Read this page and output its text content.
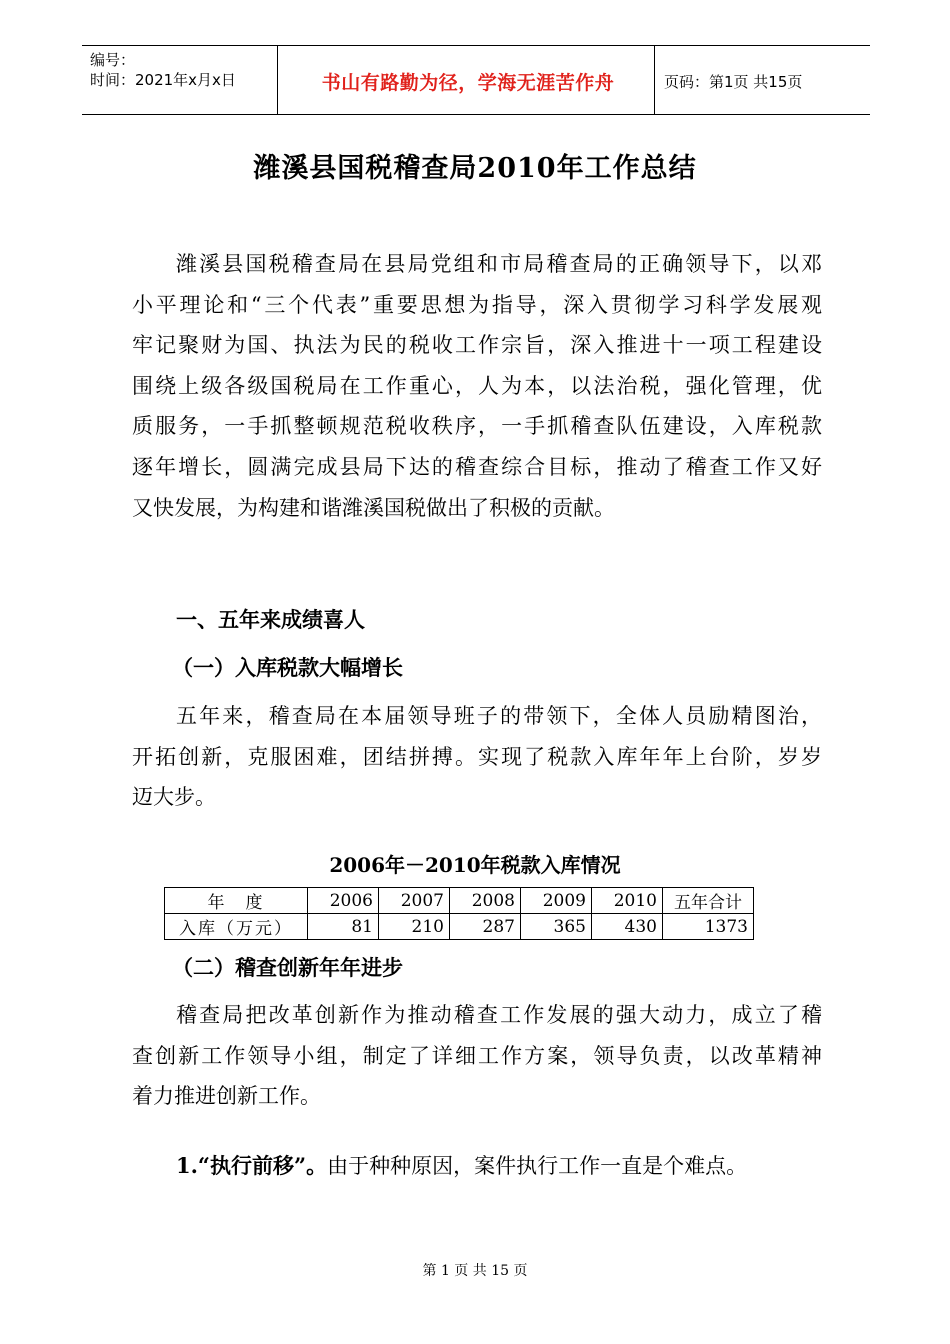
编号：
时间：2021年x月x日	书山有路勤为径，学海无涯苦作舟	页码：第1页 共15页
潍溪县国税稽查局2010年工作总结
潍溪县国税稽查局在县局党组和市局稽查局的正确领导下，以邓
小平理论和“三个代表”重要思想为指导，深入贯彻学习科学发展观
牢记聚财为国、执法为民的税收工作宗旨，深入推进十一项工程建设
围绕上级各级国税局在工作重心，人为本，以法治税，强化管理，优
质服务，一手抓整顿规范税收秩序，一手抓稽查队伍建设，入库税款
逐年增长，圆满完成县局下达的稽查综合目标，推动了稽查工作又好
又快发展，为构建和谐潍溪国税做出了积极的贡献。
一、五年来成绩喜人
（一）入库税款大幅增长
五年来，稽查局在本届领导班子的带领下，全体人员励精图治，
开拓创新，克服困难，团结拼搏。实现了税款入库年年上台阶，岁岁
迈大步。
2006年－2010年税款入库情况
年　度	2006	2007	2008	2009	2010	五年合计
入库（万元）	81	210	287	365	430	1373
（二）稽查创新年年进步
稽查局把改革创新作为推动稽查工作发展的强大动力，成立了稽
查创新工作领导小组，制定了详细工作方案，领导负责，以改革精神
着力推进创新工作。
1.“执行前移”。由于种种原因，案件执行工作一直是个难点。
第 1 页 共 15 页
